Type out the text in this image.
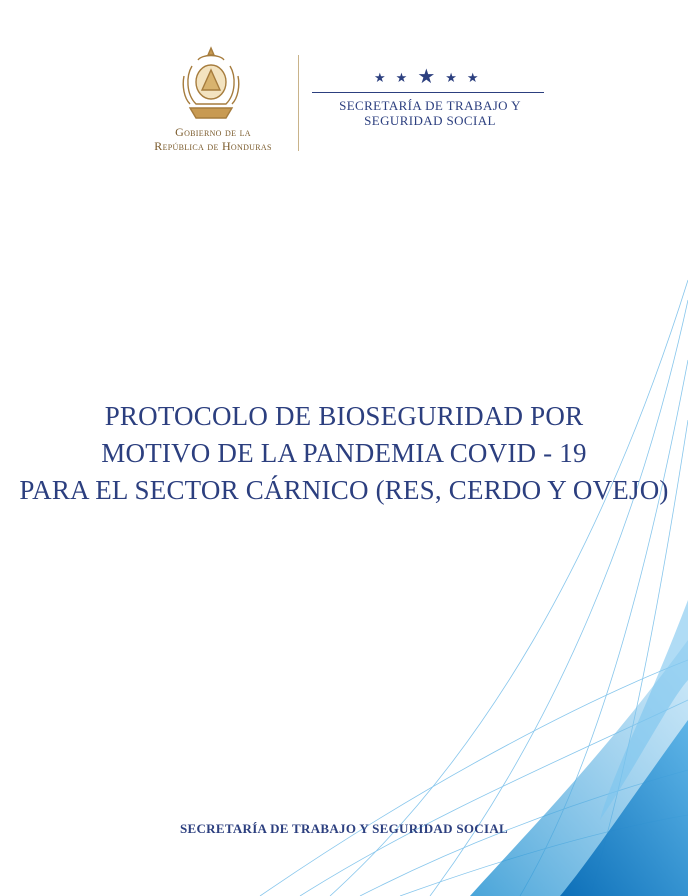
Gobierno de la
República de Honduras
★ ★ ★ ★ ★
SECRETARÍA DE TRABAJO Y
SEGURIDAD SOCIAL
PROTOCOLO DE BIOSEGURIDAD POR
MOTIVO DE LA PANDEMIA COVID - 19
PARA EL SECTOR CÁRNICO (RES, CERDO Y OVEJO)
SECRETARÍA DE TRABAJO Y SEGURIDAD SOCIAL
